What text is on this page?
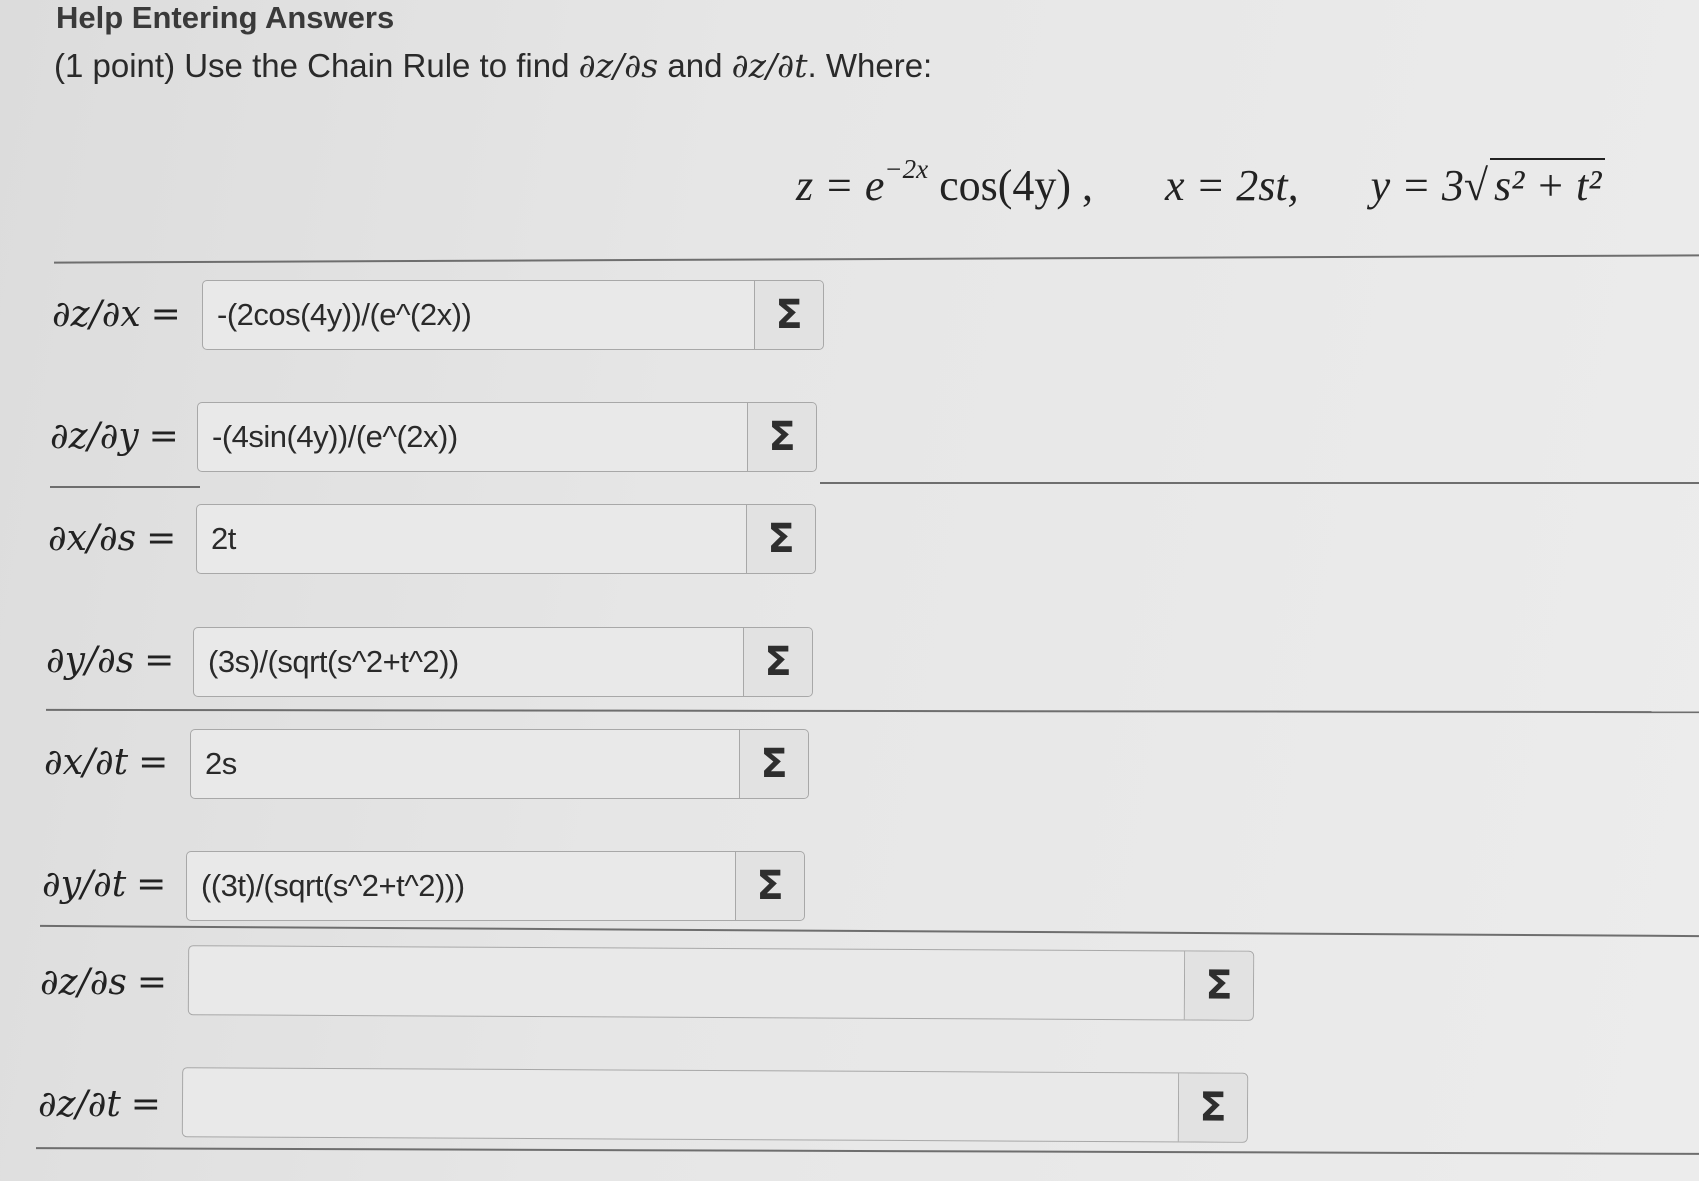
Help Entering Answers
(1 point) Use the Chain Rule to find ∂z/∂s and ∂z/∂t. Where:
$z = e^{-2x}$ cos(4y) , x = 2st, y = 3√ s² + t²
∂z/∂x =	-(2cos(4y))/(e^(2x))	Σ
∂z/∂y =	-(4sin(4y))/(e^(2x))	Σ
∂x/∂s =	2t	Σ
∂y/∂s =	(3s)/(sqrt(s^2+t^2))	Σ
∂x/∂t =	2s	Σ
∂y/∂t =	((3t)/(sqrt(s^2+t^2)))	Σ
∂z/∂s =	Σ
∂z/∂t =	Σ
